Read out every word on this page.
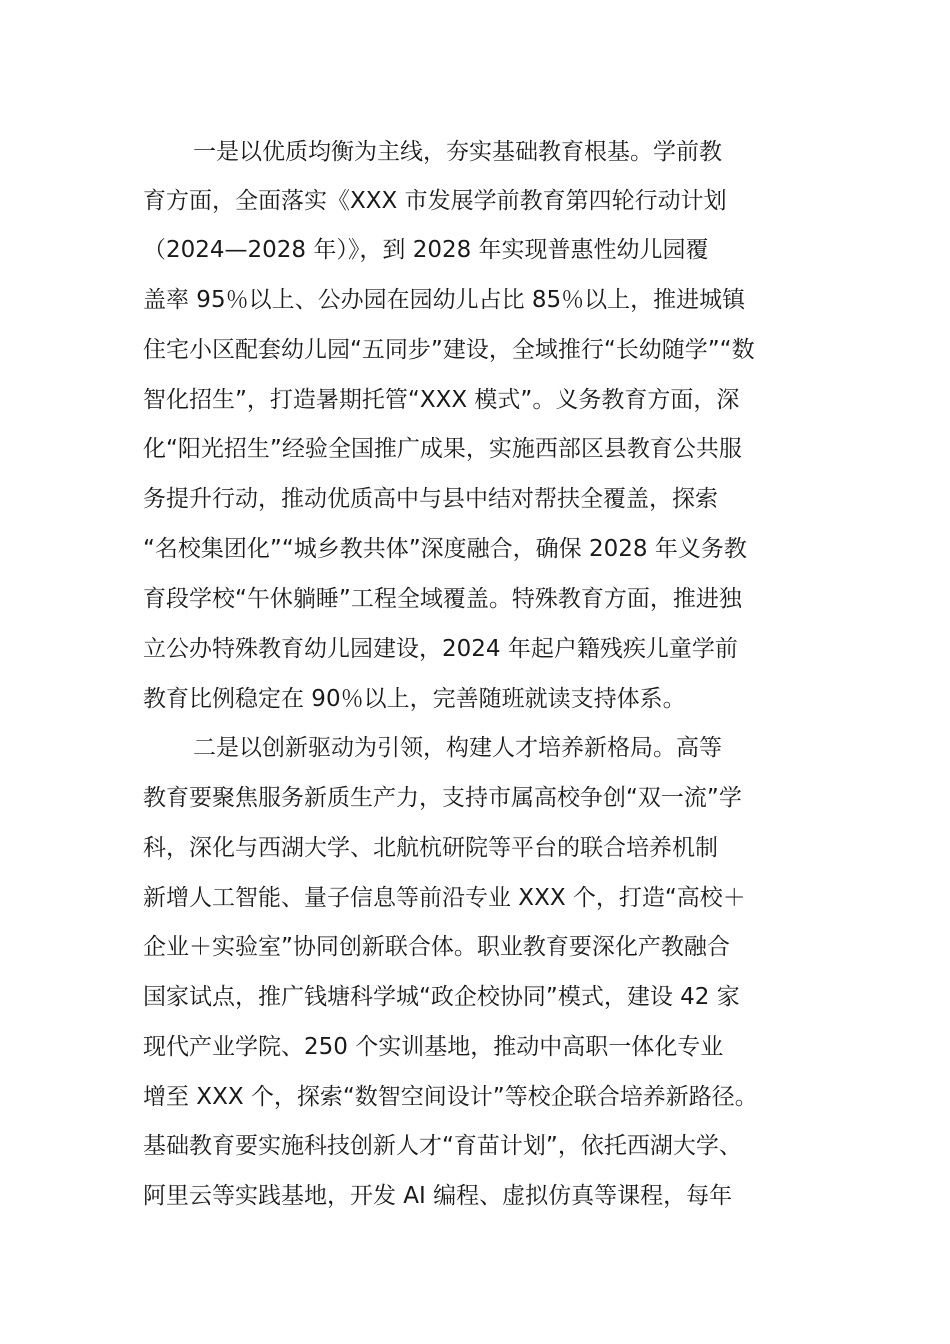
一是以优质均衡为主线，夯实基础教育根基。学前教
育方面，全面落实《XXX 市发展学前教育第四轮行动计划
（2024—2028 年）》，到 2028 年实现普惠性幼儿园覆
盖率 95％以上、公办园在园幼儿占比 85％以上，推进城镇
住宅小区配套幼儿园“五同步”建设，全域推行“长幼随学”“数
智化招生”，打造暑期托管“XXX 模式”。义务教育方面，深
化“阳光招生”经验全国推广成果，实施西部区县教育公共服
务提升行动，推动优质高中与县中结对帮扶全覆盖，探索
“名校集团化”“城乡教共体”深度融合，确保 2028 年义务教
育段学校“午休躺睡”工程全域覆盖。特殊教育方面，推进独
立公办特殊教育幼儿园建设，2024 年起户籍残疾儿童学前
教育比例稳定在 90％以上，完善随班就读支持体系。
二是以创新驱动为引领，构建人才培养新格局。高等
教育要聚焦服务新质生产力，支持市属高校争创“双一流”学
科，深化与西湖大学、北航杭研院等平台的联合培养机制
新增人工智能、量子信息等前沿专业 XXX 个，打造“高校＋
企业＋实验室”协同创新联合体。职业教育要深化产教融合
国家试点，推广钱塘科学城“政企校协同”模式，建设 42 家
现代产业学院、250 个实训基地，推动中高职一体化专业
增至 XXX 个，探索“数智空间设计”等校企联合培养新路径。
基础教育要实施科技创新人才“育苗计划”，依托西湖大学、
阿里云等实践基地，开发 AI 编程、虚拟仿真等课程，每年
